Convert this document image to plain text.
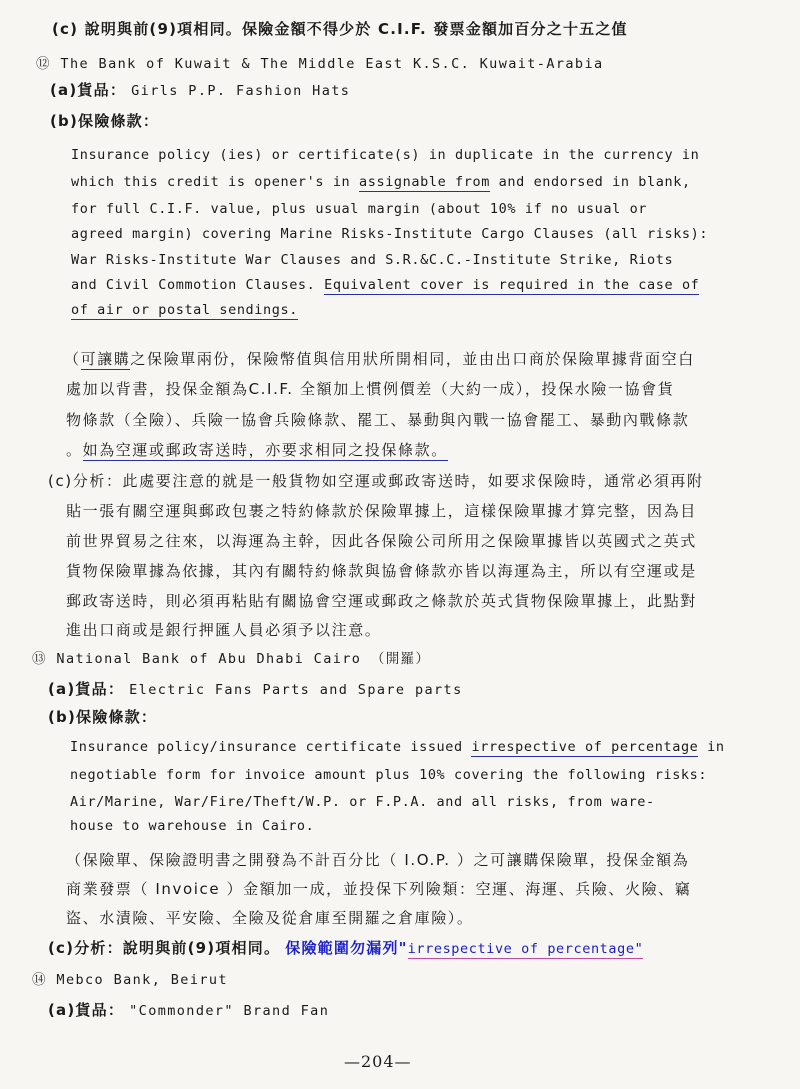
(c) 說明與前(9)項相同。保險金額不得少於 C.I.F. 發票金額加百分之十五之值
⑫ The Bank of Kuwait & The Middle East K.S.C. Kuwait-Arabia
(a)貨品： Girls P.P. Fashion Hats
(b)保險條款：
Insurance policy (ies) or certificate(s) in duplicate in the currency in
which this credit is opener's in assignable from and endorsed in blank,
for full C.I.F. value, plus usual margin (about 10% if no usual or
agreed margin) covering Marine Risks-Institute Cargo Clauses (all risks):
War Risks-Institute War Clauses and S.R.&C.C.-Institute Strike, Riots
and Civil Commotion Clauses. Equivalent cover is required in the case of
of air or postal sendings.
（可讓購之保險單兩份，保險幣值與信用狀所開相同，並由出口商於保險單據背面空白
處加以背書，投保金額為C.I.F. 全額加上慣例價差（大約一成），投保水險一協會貨
物條款（全險）、兵險一協會兵險條款、罷工、暴動與內戰一協會罷工、暴動內戰條款
。如為空運或郵政寄送時，亦要求相同之投保條款。
(c)分析：此處要注意的就是一般貨物如空運或郵政寄送時，如要求保險時，通常必須再附
貼一張有關空運與郵政包裹之特約條款於保險單據上，這樣保險單據才算完整，因為目
前世界貿易之往來，以海運為主幹，因此各保險公司所用之保險單據皆以英國式之英式
貨物保險單據為依據，其內有關特約條款與協會條款亦皆以海運為主，所以有空運或是
郵政寄送時，則必須再粘貼有關協會空運或郵政之條款於英式貨物保險單據上，此點對
進出口商或是銀行押匯人員必須予以注意。
⑬ National Bank of Abu Dhabi Cairo （開羅）
(a)貨品： Electric Fans Parts and Spare parts
(b)保險條款：
Insurance policy/insurance certificate issued irrespective of percentage in
negotiable form for invoice amount plus 10% covering the following risks:
Air/Marine, War/Fire/Theft/W.P. or F.P.A. and all risks, from ware-
house to warehouse in Cairo.
（保險單、保險證明書之開發為不計百分比（ I.O.P. ）之可讓購保險單，投保金額為
商業發票（ Invoice ）金額加一成，並投保下列險類：空運、海運、兵險、火險、竊
盜、水漬險、平安險、全險及從倉庫至開羅之倉庫險）。
(c)分析：說明與前(9)項相同。 保險範圍勿漏列"irrespective of percentage"
⑭ Mebco Bank, Beirut
(a)貨品： "Commonder" Brand Fan
—204—
